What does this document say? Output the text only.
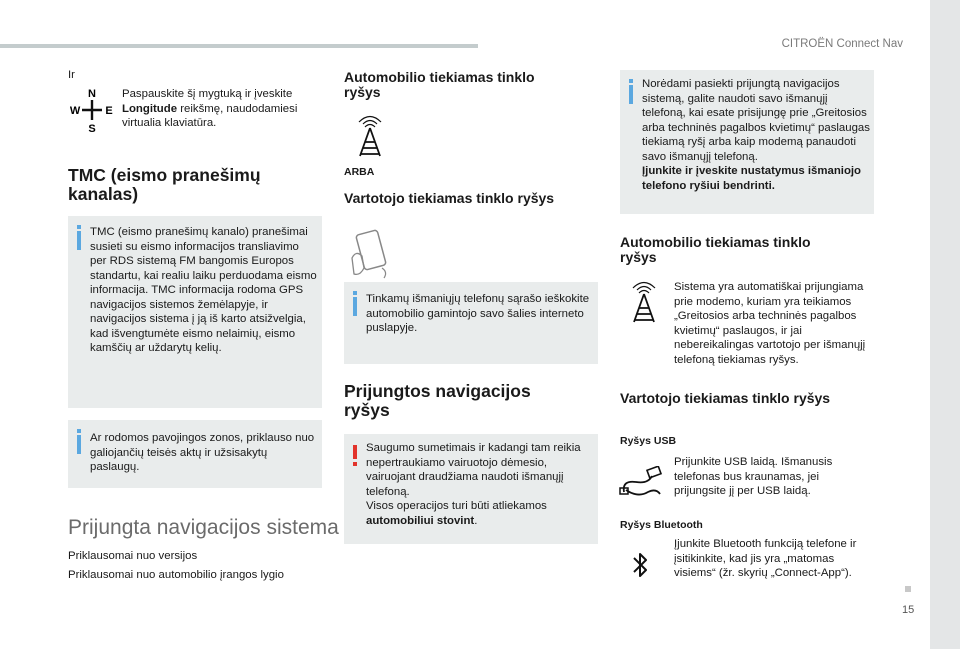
CITROËN Connect Nav
15
Ir
N
W E
S
Paspauskite šį mygtuką ir įveskite Longitude reikšmę, naudodamiesi virtualia klaviatūra.
TMC (eismo pranešimų
kanalas)
TMC (eismo pranešimų kanalo) pranešimai susieti su eismo informacijos transliavimo per RDS sistemą FM bangomis Europos standartu, kai realiu laiku perduodama eismo informacija. TMC informacija rodoma GPS navigacijos sistemos žemėlapyje, ir navigacijos sistema į ją iš karto atsižvelgia, kad išvengtumėte eismo nelaimių, eismo kamščių ar uždarytų kelių.
Ar rodomos pavojingos zonos, priklauso nuo galiojančių teisės aktų ir užsisakytų paslaugų.
Prijungta navigacijos sistema
Priklausomai nuo versijos
Priklausomai nuo automobilio įrangos lygio
Automobilio tiekiamas tinklo
ryšys
ARBA
Vartotojo tiekiamas tinklo ryšys
Tinkamų išmaniųjų telefonų sąrašo ieškokite automobilio gamintojo savo šalies interneto puslapyje.
Prijungtos navigacijos
ryšys
Saugumo sumetimais ir kadangi tam reikia nepertraukiamo vairuotojo dėmesio, vairuojant draudžiama naudoti išmanųjį telefoną.
Visos operacijos turi būti atliekamos automobiliui stovint.
Norėdami pasiekti prijungtą navigacijos sistemą, galite naudoti savo išmanųjį telefoną, kai esate prisijungę prie „Greitosios arba techninės pagalbos kvietimų“ paslaugas tiekiamą ryšį arba kaip modemą panaudoti savo išmanųjį telefoną.
Įjunkite ir įveskite nustatymus išmaniojo telefono ryšiui bendrinti.
Automobilio tiekiamas tinklo
ryšys
Sistema yra automatiškai prijungiama prie modemo, kuriam yra teikiamos „Greitosios arba techninės pagalbos kvietimų“ paslaugos, ir jai nebereikalingas vartotojo per išmanųjį telefoną tiekiamas ryšys.
Vartotojo tiekiamas tinklo ryšys
Ryšys USB
Prijunkite USB laidą. Išmanusis telefonas bus kraunamas, jei prijungsite jį per USB laidą.
Ryšys Bluetooth
Įjunkite Bluetooth funkciją telefone ir įsitikinkite, kad jis yra „matomas visiems“ (žr. skyrių „Connect-App“).
